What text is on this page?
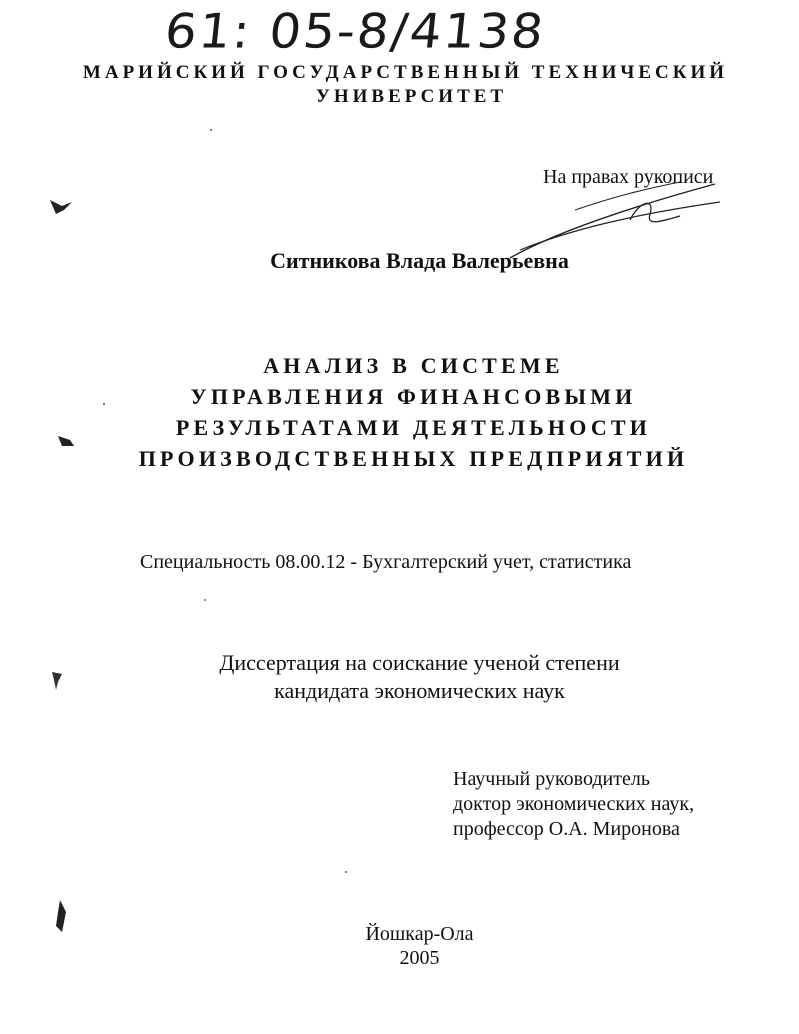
61: 05-8/4138
МАРИЙСКИЙ ГОСУДАРСТВЕННЫЙ ТЕХНИЧЕСКИЙ
УНИВЕРСИТЕТ
На правах рукописи
Ситникова Влада Валерьевна
АНАЛИЗ В СИСТЕМЕ
УПРАВЛЕНИЯ ФИНАНСОВЫМИ
РЕЗУЛЬТАТАМИ ДЕЯТЕЛЬНОСТИ
ПРОИЗВОДСТВЕННЫХ ПРЕДПРИЯТИЙ
Специальность 08.00.12 - Бухгалтерский учет, статистика
Диссертация на соискание ученой степени
кандидата экономических наук
Научный руководитель
доктор экономических наук,
профессор О.А. Миронова
Йошкар-Ола
2005
